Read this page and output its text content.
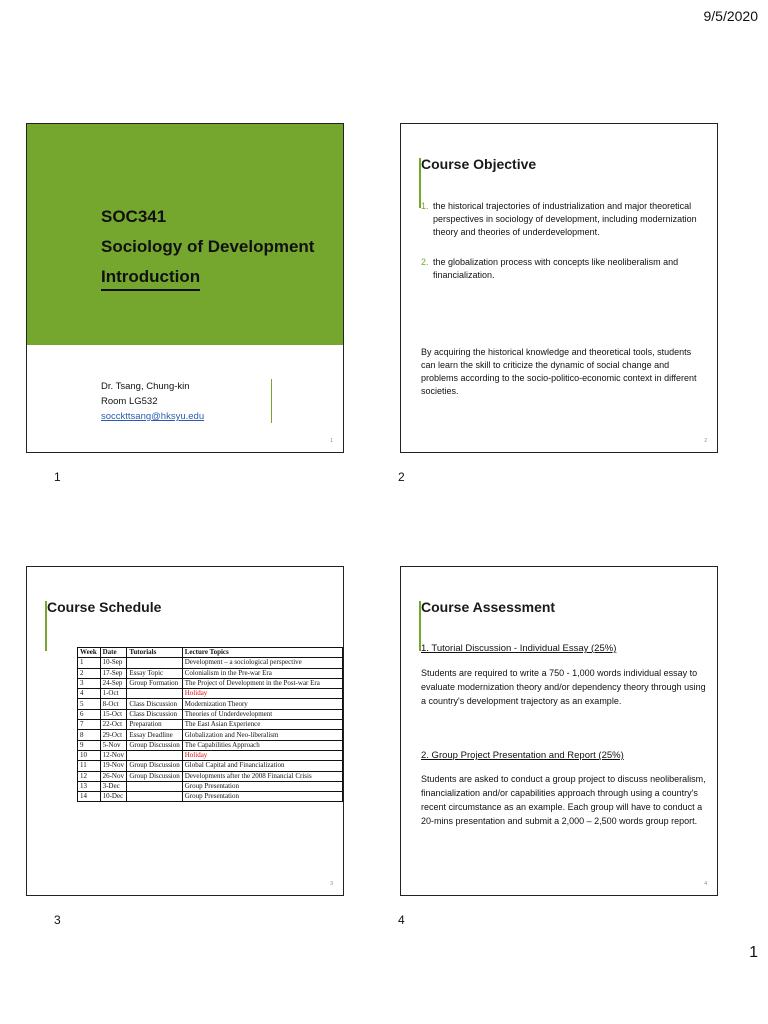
9/5/2020
SOC341
Sociology of Development
Introduction
Dr. Tsang, Chung-kin
Room LG532
socckttsang@hksyu.edu
1
1
Course Objective
1. the historical trajectories of industrialization and major theoretical perspectives in sociology of development, including modernization theory and theories of underdevelopment.
2. the globalization process with concepts like neoliberalism and financialization.
By acquiring the historical knowledge and theoretical tools, students can learn the skill to criticize the dynamic of social change and problems according to the socio-politico-economic context in different societies.
2
2
Course Schedule
Week	Date	Tutorials	Lecture Topics
1	10-Sep		Development – a sociological perspective
2	17-Sep	Essay Topic	Colonialism in the Pre-war Era
3	24-Sep	Group Formation	The Project of Development in the Post-war Era
4	1-Oct		Holiday
5	8-Oct	Class Discussion	Modernization Theory
6	15-Oct	Class Discussion	Theories of Underdevelopment
7	22-Oct	Preparation	The East Asian Experience
8	29-Oct	Essay Deadline	Globalization and Neo-liberalism
9	5-Nov	Group Discussion	The Capabilities Approach
10	12-Nov		Holiday
11	19-Nov	Group Discussion	Global Capital and Financialization
12	26-Nov	Group Discussion	Developments after the 2008 Financial Crisis
13	3-Dec		Group Presentation
14	10-Dec		Group Presentation
3
3
Course Assessment
1. Tutorial Discussion - Individual Essay (25%)
Students are required to write a 750 - 1,000 words individual essay to evaluate modernization theory and/or dependency theory through using a country's development trajectory as an example.
2. Group Project Presentation and Report (25%)
Students are asked to conduct a group project to discuss neoliberalism, financialization and/or capabilities approach through using a country's recent circumstance as an example. Each group will have to conduct a 20-mins presentation and submit a 2,000 – 2,500 words group report.
4
4
1
